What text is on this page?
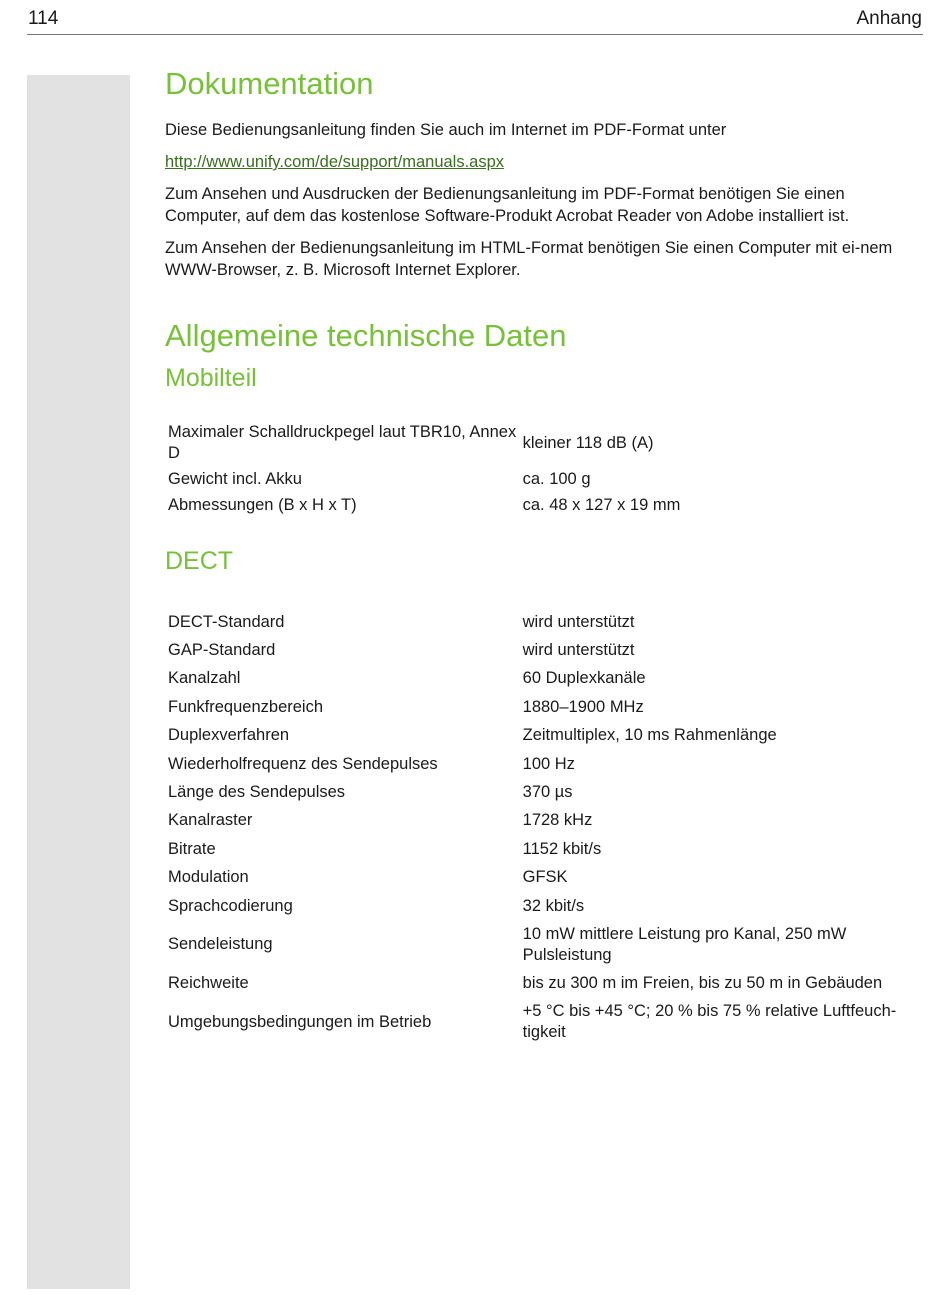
114	Anhang
Dokumentation

Diese Bedienungsanleitung finden Sie auch im Internet im PDF-Format unter

http://www.unify.com/de/support/manuals.aspx

Zum Ansehen und Ausdrucken der Bedienungsanleitung im PDF-Format benötigen Sie einen Computer, auf dem das kostenlose Software-Produkt Acrobat Reader von Adobe installiert ist.

Zum Ansehen der Bedienungsanleitung im HTML-Format benötigen Sie einen Computer mit ei-nem WWW-Browser, z. B. Microsoft Internet Explorer.

Allgemeine technische Daten
Mobilteil
Maximaler Schalldruckpegel laut TBR10, Annex D	kleiner 118 dB (A)
Gewicht incl. Akku	ca. 100 g
Abmessungen (B x H x T)	ca. 48 x 127 x 19 mm
DECT
DECT-Standard	wird unterstützt
GAP-Standard	wird unterstützt
Kanalzahl	60 Duplexkanäle
Funkfrequenzbereich	1880–1900 MHz
Duplexverfahren	Zeitmultiplex, 10 ms Rahmenlänge
Wiederholfrequenz des Sendepulses	100 Hz
Länge des Sendepulses	370 µs
Kanalraster	1728 kHz
Bitrate	1152 kbit/s
Modulation	GFSK
Sprachcodierung	32 kbit/s
Sendeleistung	10 mW mittlere Leistung pro Kanal, 250 mW Pulsleistung
Reichweite	bis zu 300 m im Freien, bis zu 50 m in Gebäuden
Umgebungsbedingungen im Betrieb	+5 °C bis +45 °C; 20 % bis 75 % relative Luftfeuch-tigkeit
